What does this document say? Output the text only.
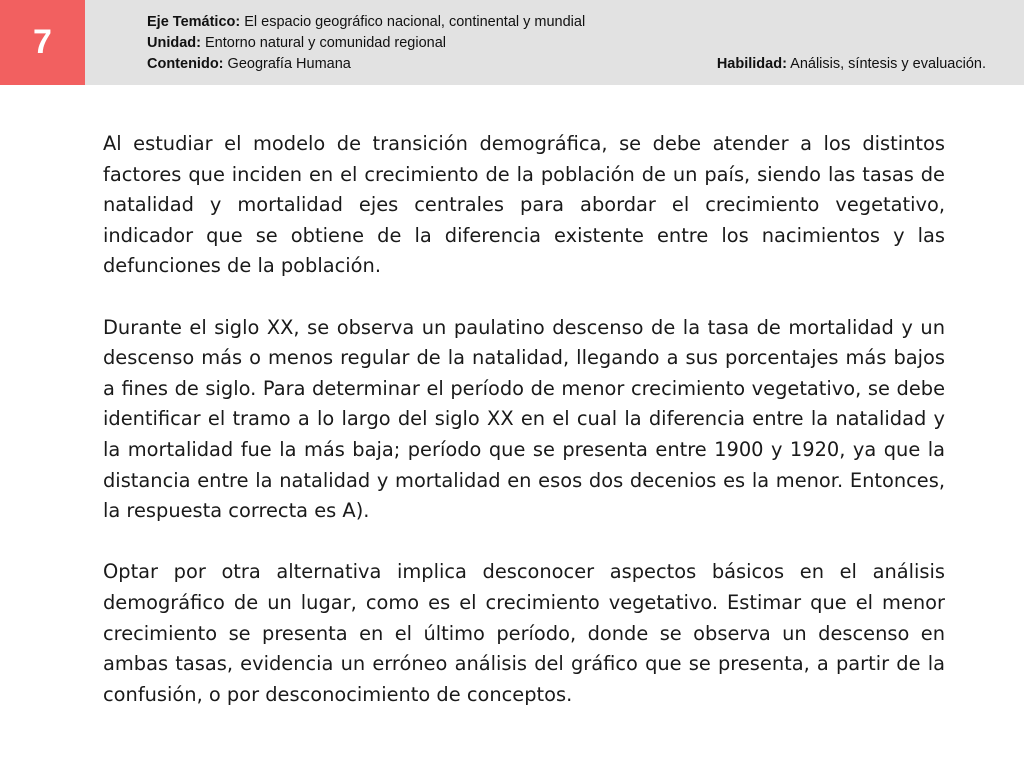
7
Eje Temático: El espacio geográfico nacional, continental y mundial
Unidad: Entorno natural y comunidad regional
Contenido: Geografía Humana	Habilidad: Análisis, síntesis y evaluación.

Al estudiar el modelo de transición demográfica, se debe atender a los distintos factores que inciden en el crecimiento de la población de un país, siendo las tasas de natalidad y mortalidad ejes centrales para abordar el crecimiento vegetativo, indicador que se obtiene de la diferencia existente entre los nacimientos y las defunciones de la población.

Durante el siglo XX, se observa un paulatino descenso de la tasa de mortalidad y un descenso más o menos regular de la natalidad, llegando a sus porcentajes más bajos a fines de siglo. Para determinar el período de menor crecimiento vegetativo, se debe identificar el tramo a lo largo del siglo XX en el cual la diferencia entre la natalidad y la mortalidad fue la más baja; período que se presenta entre 1900 y 1920, ya que la distancia entre la natalidad y mortalidad en esos dos decenios es la menor. Entonces, la respuesta correcta es A).

Optar por otra alternativa implica desconocer aspectos básicos en el análisis demográfico de un lugar, como es el crecimiento vegetativo. Estimar que el menor crecimiento se presenta en el último período, donde se observa un descenso en ambas tasas, evidencia un erróneo análisis del gráfico que se presenta, a partir de la confusión, o por desconocimiento de conceptos.
